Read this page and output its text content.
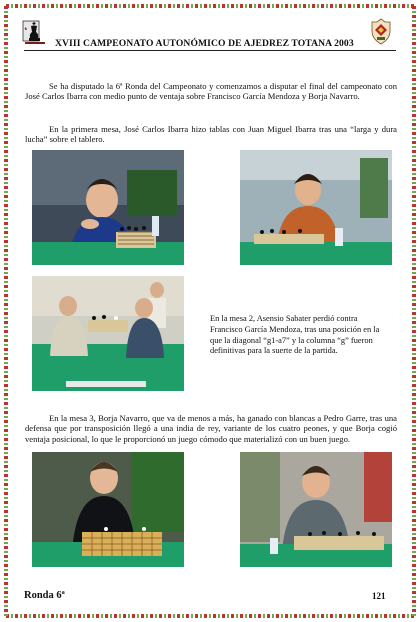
♞
XVIII CAMPEONATO AUTONÓMICO DE AJEDREZ TOTANA 2003

Se ha disputado la 6ª Ronda del Campeonato y comenzamos a disputar el final del campeonato con José Carlos Ibarra con medio punto de ventaja sobre Francisco García Mendoza y Borja Navarro.

En la primera mesa, José Carlos Ibarra hizo tablas con Juan Miguel Ibarra tras una “larga y dura lucha” sobre el tablero.

En la mesa 2, Asensio Sabater perdió contra Francisco García Mendoza, tras una posición en la que la diagonal “g1-a7” y la columna “g” fueron definitivas para la suerte de la partida.

En la mesa 3, Borja Navarro, que va de menos a más, ha ganado con blancas a Pedro Garre, tras una defensa que por transposición llegó a una india de rey, variante de los cuatro peones, y que Borja cogió ventaja posicional, lo que le proporcionó un juego cómodo que materializó con un buen juego.

Ronda 6ª	121
